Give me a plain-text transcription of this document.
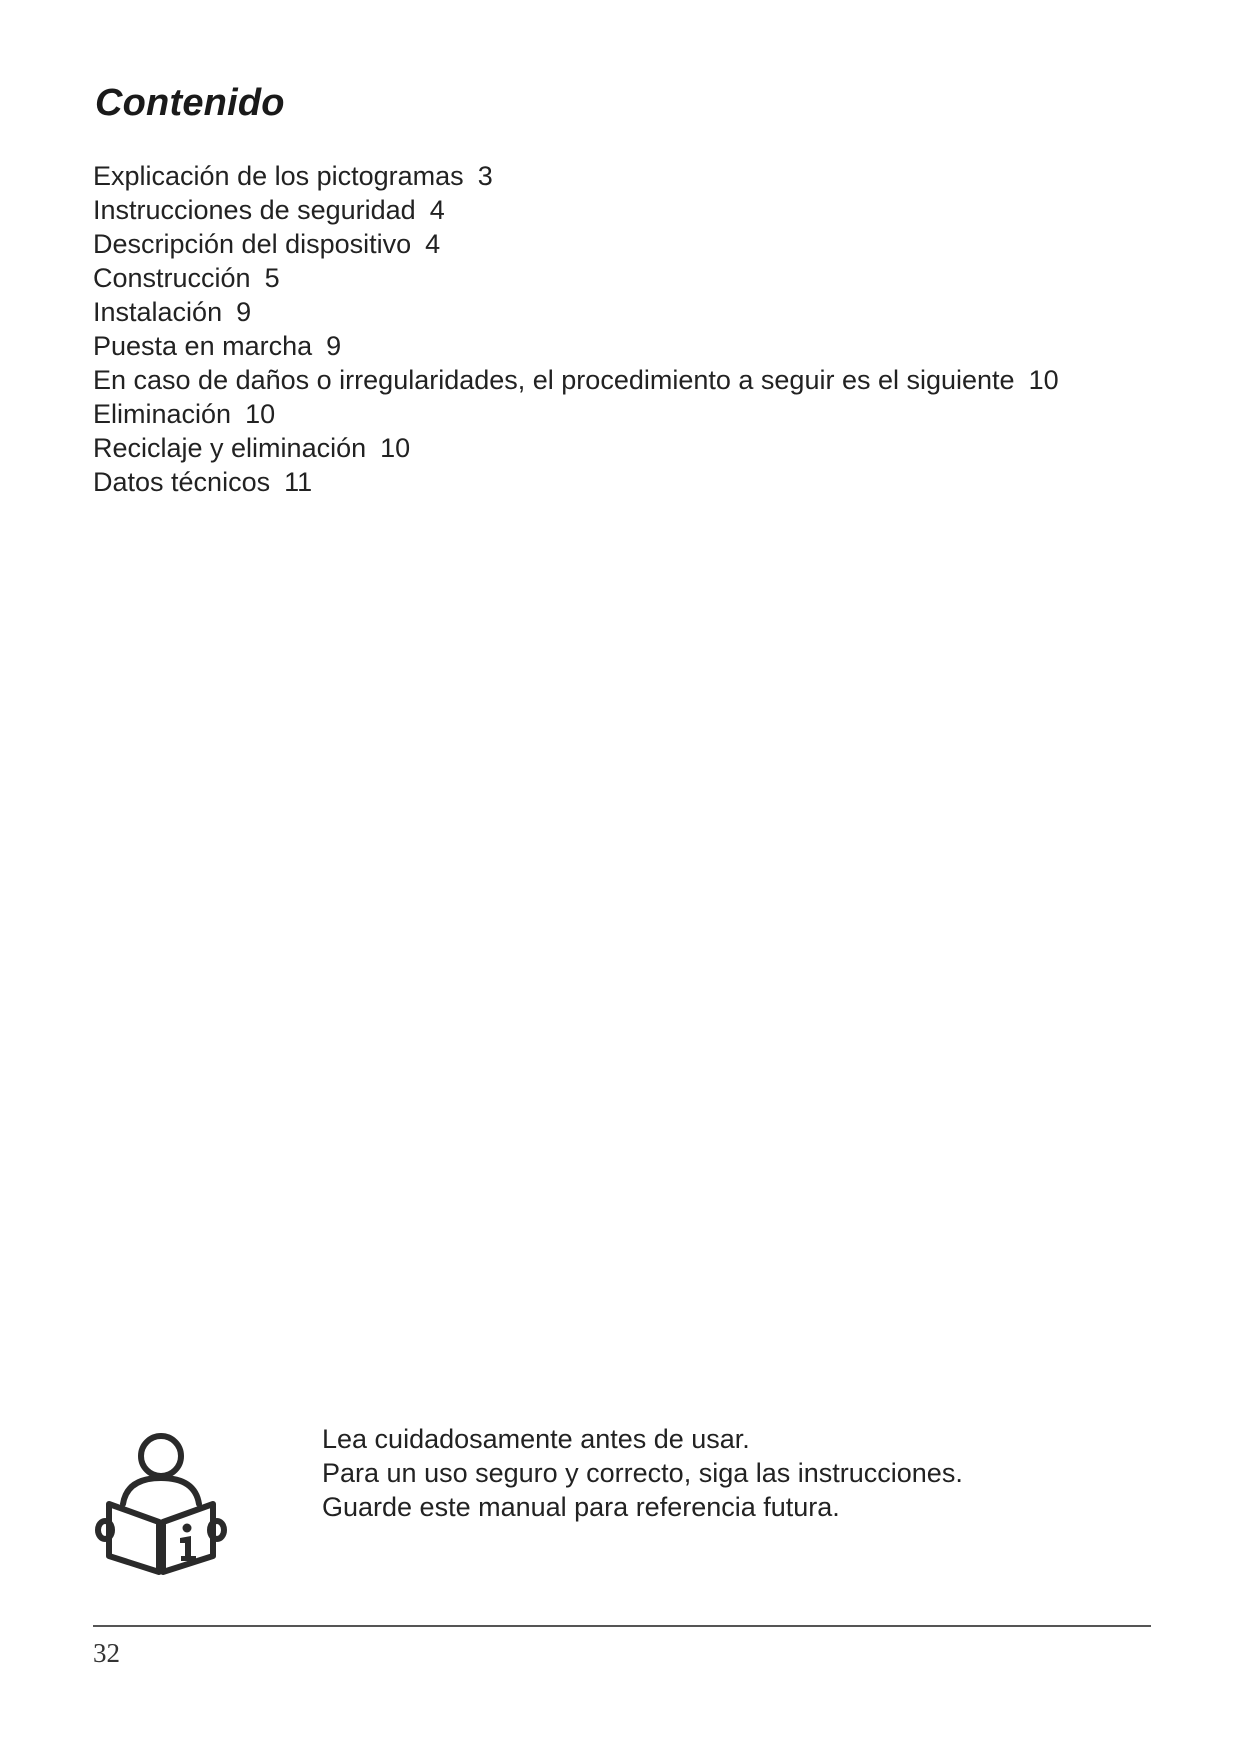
Contenido
Explicación de los pictogramas 3
Instrucciones de seguridad 4
Descripción del dispositivo 4
Construcción 5
Instalación 9
Puesta en marcha 9
En caso de daños o irregularidades, el procedimiento a seguir es el siguiente 10
Eliminación 10
Reciclaje y eliminación 10
Datos técnicos 11
Lea cuidadosamente antes de usar.
Para un uso seguro y correcto, siga las instrucciones.
Guarde este manual para referencia futura.
32
